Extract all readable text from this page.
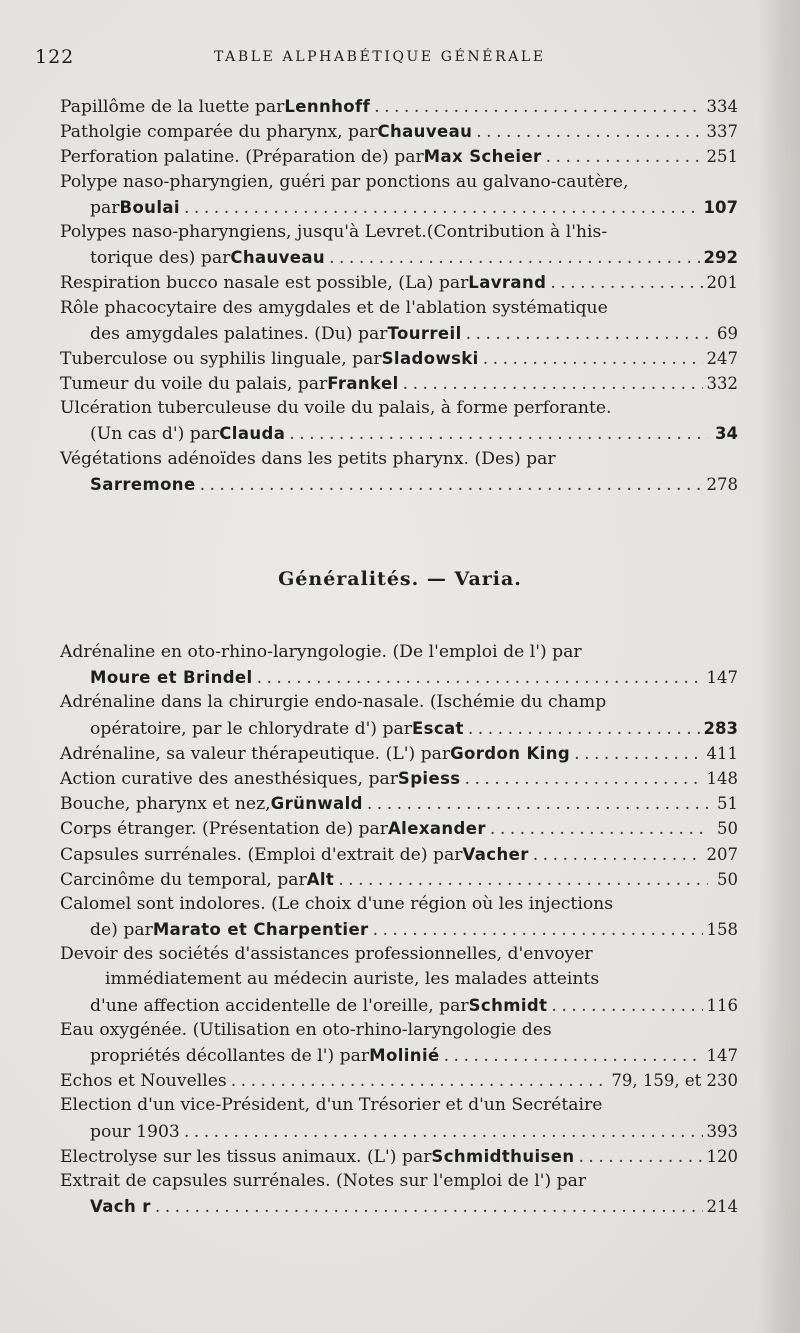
122	TABLE ALPHABÉTIQUE GÉNÉRALE
Papillôme de la luette par Lennhoff . . .	334
Patholgie comparée du pharynx, par Chauveau . . .	337
Perforation palatine. (Préparation de) par Max Scheier . . .	251
Polype naso-pharyngien, guéri par ponctions au galvano-cautère,
par Boulai . . .	107
Polypes naso-pharyngiens, jusqu'à Levret.(Contribution à l'his-
torique des) par Chauveau . . .	292
Respiration bucco nasale est possible, (La) par Lavrand . . .	201
Rôle phacocytaire des amygdales et de l'ablation systématique
des amygdales palatines. (Du) par Tourreil . . .	69
Tuberculose ou syphilis linguale, par Sladowski . . .	247
Tumeur du voile du palais, par Frankel . . .	332
Ulcération tuberculeuse du voile du palais, à forme perforante.
(Un cas d') par Clauda . . .	34
Végétations adénoïdes dans les petits pharynx. (Des) par
Sarremone . . .	278
Généralités. — Varia.
Adrénaline en oto-rhino-laryngologie. (De l'emploi de l') par
Moure et Brindel . . .	147
Adrénaline dans la chirurgie endo-nasale. (Ischémie du champ
opératoire, par le chlorydrate d') par Escat . . .	283
Adrénaline, sa valeur thérapeutique. (L') par Gordon King . . .	411
Action curative des anesthésiques, par Spiess . . .	148
Bouche, pharynx et nez, Grünwald . . .	51
Corps étranger. (Présentation de) par Alexander . . .	50
Capsules surrénales. (Emploi d'extrait de) par Vacher . . .	207
Carcinôme du temporal, par Alt . . .	50
Calomel sont indolores. (Le choix d'une région où les injections
de) par Marato et Charpentier . . .	158
Devoir des sociétés d'assistances professionnelles, d'envoyer
immédiatement au médecin auriste, les malades atteints
d'une affection accidentelle de l'oreille, par Schmidt . . .	116
Eau oxygénée. (Utilisation en oto-rhino-laryngologie des
propriétés décollantes de l') par Molinié . . .	147
Echos et Nouvelles . . .	79, 159, et 230
Election d'un vice-Président, d'un Trésorier et d'un Secrétaire
pour 1903 . . .	393
Electrolyse sur les tissus animaux. (L') par Schmidthuisen . . .	120
Extrait de capsules surrénales. (Notes sur l'emploi de l') par
Vach r . . .	214
